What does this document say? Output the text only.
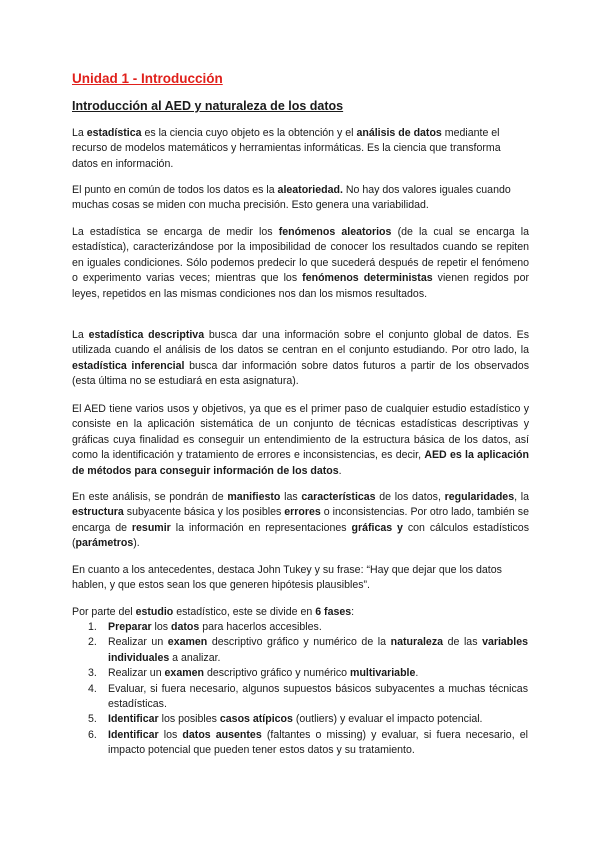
Unidad 1 - Introducción
Introducción al AED y naturaleza de los datos
La estadística es la ciencia cuyo objeto es la obtención y el análisis de datos mediante el recurso de modelos matemáticos y herramientas informáticas. Es la ciencia que transforma datos en información.
El punto en común de todos los datos es la aleatoriedad. No hay dos valores iguales cuando muchas cosas se miden con mucha precisión. Esto genera una variabilidad.
La estadística se encarga de medir los fenómenos aleatorios (de la cual se encarga la estadística), caracterizándose por la imposibilidad de conocer los resultados cuando se repiten en iguales condiciones. Sólo podemos predecir lo que sucederá después de repetir el fenómeno o experimento varias veces; mientras que los fenómenos deterministas vienen regidos por leyes, repetidos en las mismas condiciones nos dan los mismos resultados.
La estadística descriptiva busca dar una información sobre el conjunto global de datos. Es utilizada cuando el análisis de los datos se centran en el conjunto estudiando. Por otro lado, la estadística inferencial busca dar información sobre datos futuros a partir de los observados (esta última no se estudiará en esta asignatura).
El AED tiene varios usos y objetivos, ya que es el primer paso de cualquier estudio estadístico y consiste en la aplicación sistemática de un conjunto de técnicas estadísticas descriptivas y gráficas cuya finalidad es conseguir un entendimiento de la estructura básica de los datos, así como la identificación y tratamiento de errores e inconsistencias, es decir, AED es la aplicación de métodos para conseguir información de los datos.
En este análisis, se pondrán de manifiesto las características de los datos, regularidades, la estructura subyacente básica y los posibles errores o inconsistencias. Por otro lado, también se encarga de resumir la información en representaciones gráficas y con cálculos estadísticos (parámetros).
En cuanto a los antecedentes, destaca John Tukey y su frase: “Hay que dejar que los datos hablen, y que estos sean los que generen hipótesis plausibles”.
Por parte del estudio estadístico, este se divide en 6 fases:
1. Preparar los datos para hacerlos accesibles.
2. Realizar un examen descriptivo gráfico y numérico de la naturaleza de las variables individuales a analizar.
3. Realizar un examen descriptivo gráfico y numérico multivariable.
4. Evaluar, si fuera necesario, algunos supuestos básicos subyacentes a muchas técnicas estadísticas.
5. Identificar los posibles casos atípicos (outliers) y evaluar el impacto potencial.
6. Identificar los datos ausentes (faltantes o missing) y evaluar, si fuera necesario, el impacto potencial que pueden tener estos datos y su tratamiento.
